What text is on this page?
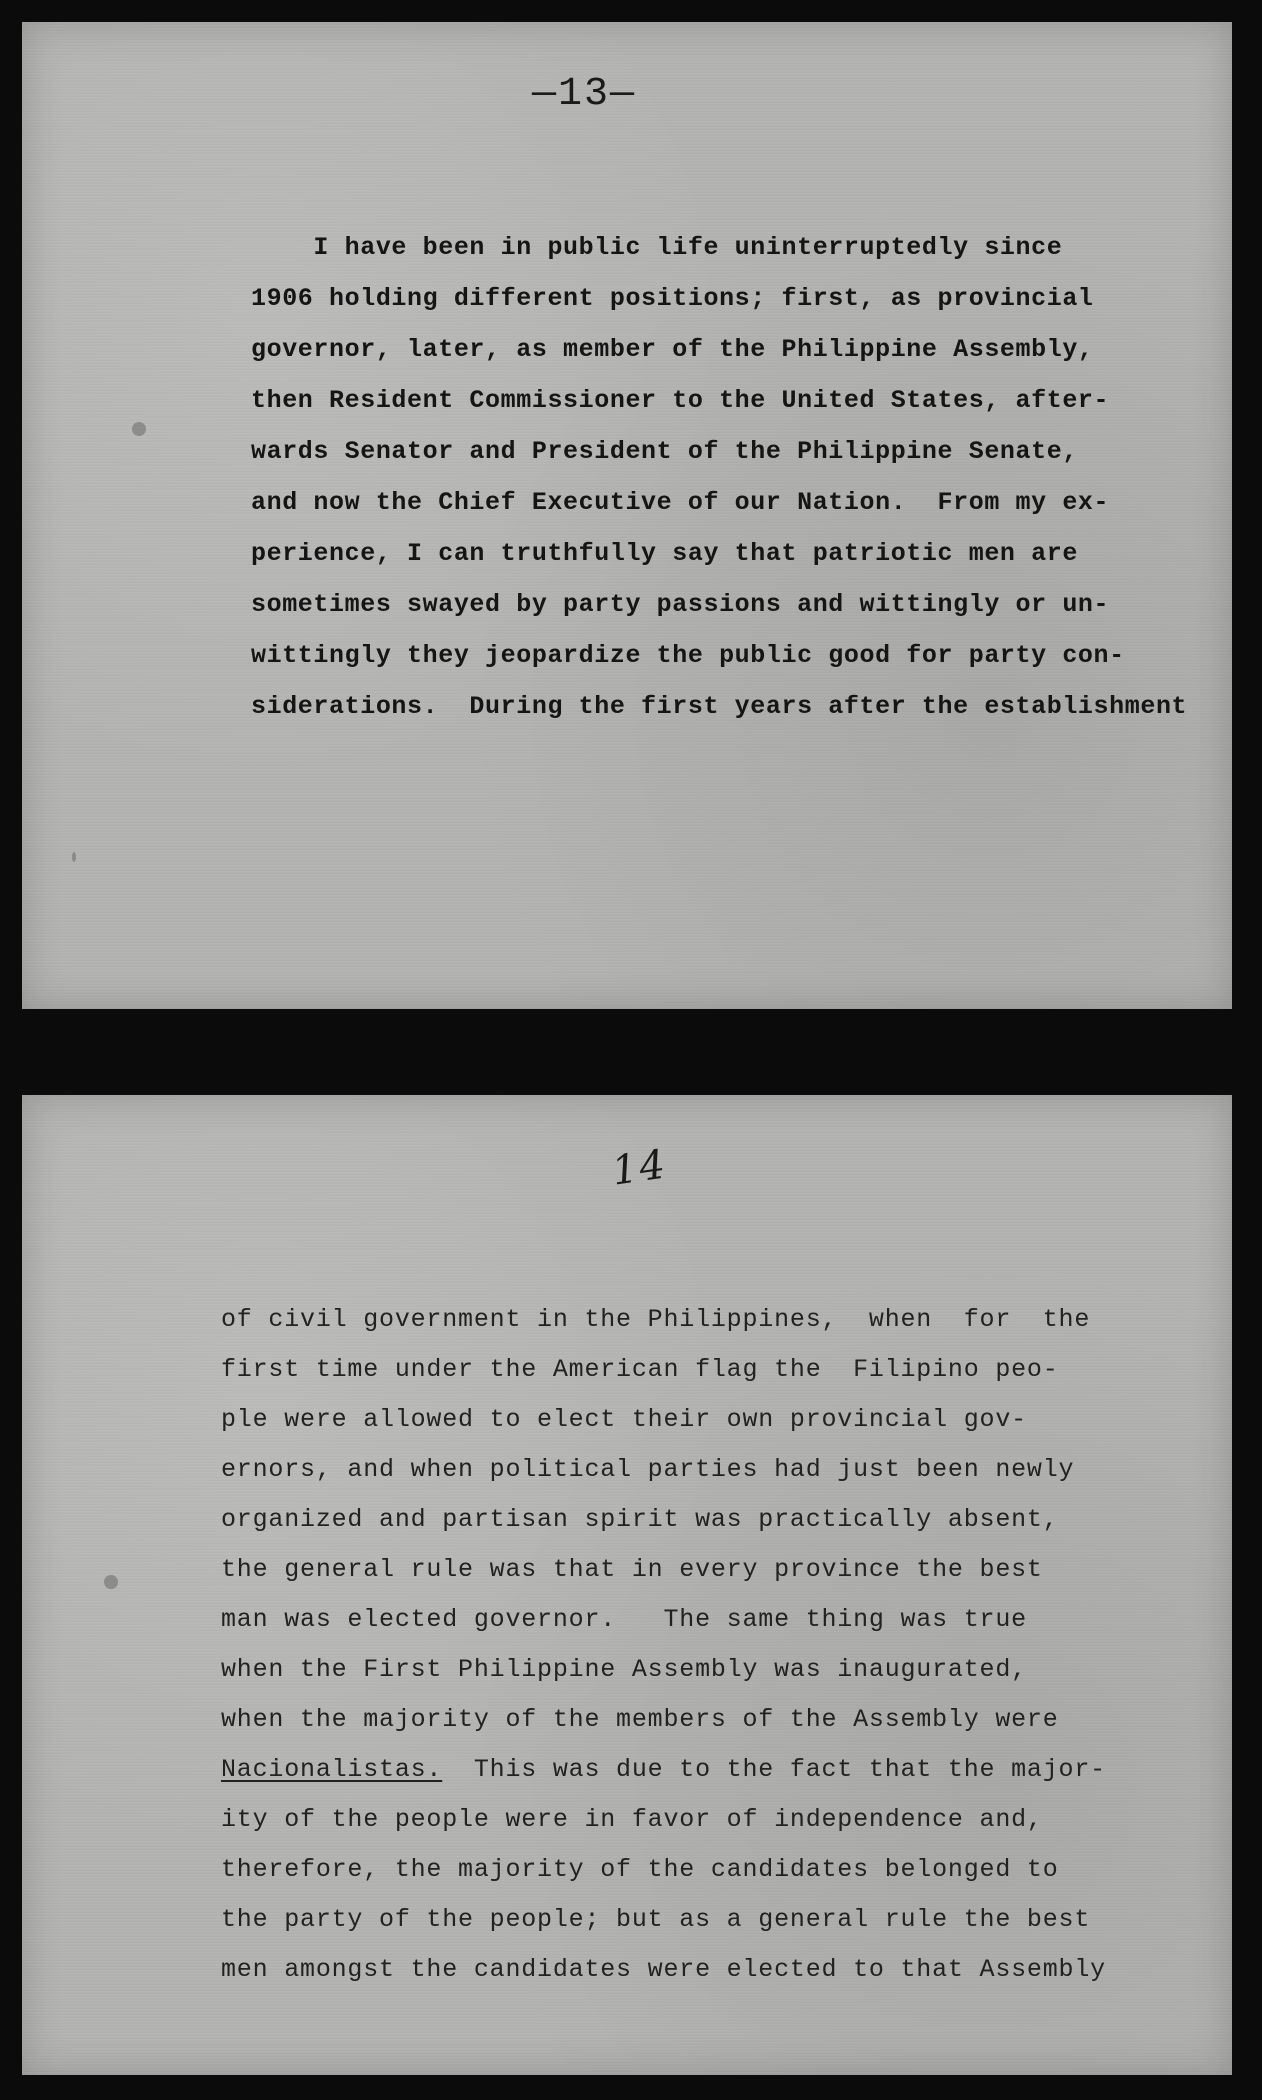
—13—
I have been in public life uninterruptedly since
1906 holding different positions; first, as provincial
governor, later, as member of the Philippine Assembly,
then Resident Commissioner to the United States, after-
wards Senator and President of the Philippine Senate,
and now the Chief Executive of our Nation.  From my ex-
perience, I can truthfully say that patriotic men are
sometimes swayed by party passions and wittingly or un-
wittingly they jeopardize the public good for party con-
siderations.  During the first years after the establishment
14
of civil government in the Philippines,  when  for  the
first time under the American flag the  Filipino peo-
ple were allowed to elect their own provincial gov-
ernors, and when political parties had just been newly
organized and partisan spirit was practically absent,
the general rule was that in every province the best
man was elected governor.   The same thing was true
when the First Philippine Assembly was inaugurated,
when the majority of the members of the Assembly were
Nacionalistas.  This was due to the fact that the major-
ity of the people were in favor of independence and,
therefore, the majority of the candidates belonged to
the party of the people; but as a general rule the best
men amongst the candidates were elected to that Assembly
